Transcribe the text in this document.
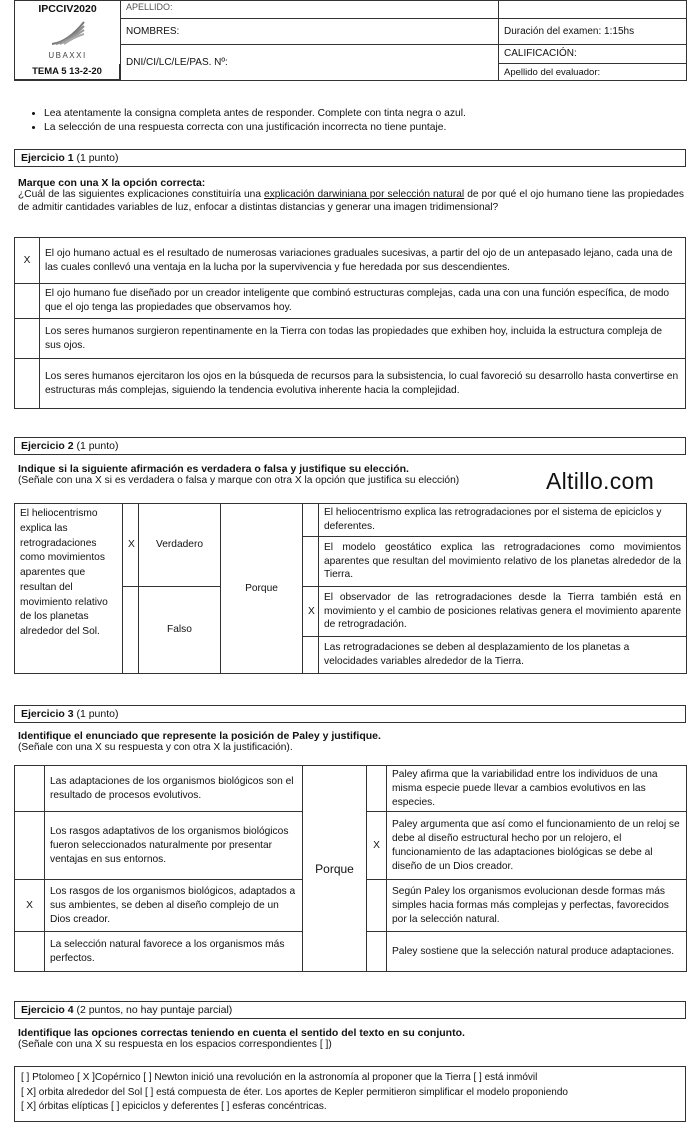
IPCCIV2020
UBAXXI	APELLIDO:	
	NOMBRES:	Duración del examen: 1:15hs
	DNI/CI/LC/LE/PAS. Nº:	CALIFICACIÓN:
Apellido del evaluador:
TEMA 5 13-2-20
• Lea atentamente la consigna completa antes de responder. Complete con tinta negra o azul.
• La selección de una respuesta correcta con una justificación incorrecta no tiene puntaje.
Ejercicio 1 (1 punto)
Marque con una X la opción correcta:
¿Cuál de las siguientes explicaciones constituiría una explicación darwiniana por selección natural de por qué el ojo humano tiene las propiedades de admitir cantidades variables de luz, enfocar a distintas distancias y generar una imagen tridimensional?
X	El ojo humano actual es el resultado de numerosas variaciones graduales sucesivas, a partir del ojo de un antepasado lejano, cada una de las cuales conllevó una ventaja en la lucha por la supervivencia y fue heredada por sus descendientes.
	El ojo humano fue diseñado por un creador inteligente que combinó estructuras complejas, cada una con una función específica, de modo que el ojo tenga las propiedades que observamos hoy.
	Los seres humanos surgieron repentinamente en la Tierra con todas las propiedades que exhiben hoy, incluida la estructura compleja de sus ojos.
	Los seres humanos ejercitaron los ojos en la búsqueda de recursos para la subsistencia, lo cual favoreció su desarrollo hasta convertirse en estructuras más complejas, siguiendo la tendencia evolutiva inherente hacia la complejidad.
Ejercicio 2 (1 punto)
Indique si la siguiente afirmación es verdadera o falsa y justifique su elección.
(Señale con una X si es verdadera o falsa y marque con otra X la opción que justifica su elección)	Altillo.com
El heliocentrismo explica las retrogradaciones como movimientos aparentes que resultan del movimiento relativo de los planetas alrededor del Sol.	X	Verdadero	Porque		El heliocentrismo explica las retrogradaciones por el sistema de epiciclos y deferentes.
					El modelo geostático explica las retrogradaciones como movimientos aparentes que resultan del movimiento relativo de los planetas alrededor de la Tierra.
		Falso		X	El observador de las retrogradaciones desde la Tierra también está en movimiento y el cambio de posiciones relativas genera el movimiento aparente de retrogradación.
					Las retrogradaciones se deben al desplazamiento de los planetas a velocidades variables alrededor de la Tierra.
Ejercicio 3 (1 punto)
Identifique el enunciado que represente la posición de Paley y justifique.
(Señale con una X su respuesta y con otra X la justificación).
	Las adaptaciones de los organismos biológicos son el resultado de procesos evolutivos.	Porque		Paley afirma que la variabilidad entre los individuos de una misma especie puede llevar a cambios evolutivos en las especies.
	Los rasgos adaptativos de los organismos biológicos fueron seleccionados naturalmente por presentar ventajas en sus entornos.		X	Paley argumenta que así como el funcionamiento de un reloj se debe al diseño estructural hecho por un relojero, el funcionamiento de las adaptaciones biológicas se debe al diseño de un Dios creador.
X	Los rasgos de los organismos biológicos, adaptados a sus ambientes, se deben al diseño complejo de un Dios creador.			Según Paley los organismos evolucionan desde formas más simples hacia formas más complejas y perfectas, favorecidos por la selección natural.
	La selección natural favorece a los organismos más perfectos.			Paley sostiene que la selección natural produce adaptaciones.
Ejercicio 4 (2 puntos, no hay puntaje parcial)
Identifique las opciones correctas teniendo en cuenta el sentido del texto en su conjunto.
(Señale con una X su respuesta en los espacios correspondientes [ ])
[ ] Ptolomeo [ X ]Copérnico [ ] Newton inició una revolución en la astronomía al proponer que la Tierra [ ] está inmóvil
[ X] orbita alrededor del Sol [ ] está compuesta de éter. Los aportes de Kepler permitieron simplificar el modelo proponiendo
[ X] órbitas elípticas [ ] epiciclos y deferentes [ ] esferas concéntricas.
